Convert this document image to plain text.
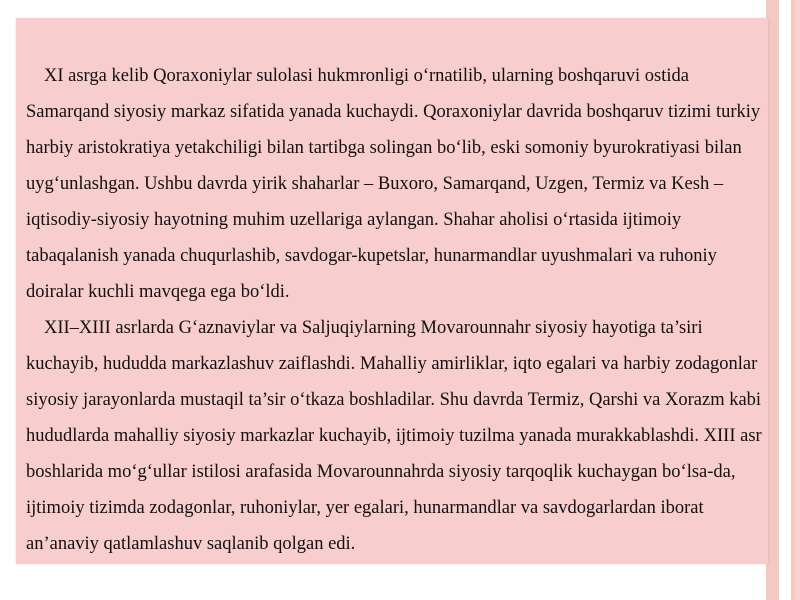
XI asrga kelib Qoraxoniylar sulolasi hukmronligi o‘rnatilib, ularning boshqaruvi ostida Samarqand siyosiy markaz sifatida yanada kuchaydi. Qoraxoniylar davrida boshqaruv tizimi turkiy harbiy aristokratiya yetakchiligi bilan tartibga solingan bo‘lib, eski somoniy byurokratiyasi bilan uyg‘unlashgan. Ushbu davrda yirik shaharlar – Buxoro, Samarqand, Uzgen, Termiz va Kesh – iqtisodiy-siyosiy hayotning muhim uzellariga aylangan. Shahar aholisi o‘rtasida ijtimoiy tabaqalanish yanada chuqurlashib, savdogar-kupetslar, hunarmandlar uyushmalari va ruhoniy doiralar kuchli mavqega ega bo‘ldi.

XII–XIII asrlarda G‘aznaviylar va Saljuqiylarning Movarounnahr siyosiy hayotiga ta’siri kuchayib, hududda markazlashuv zaiflashdi. Mahalliy amirliklar, iqto egalari va harbiy zodagonlar siyosiy jarayonlarda mustaqil ta’sir o‘tkaza boshladilar. Shu davrda Termiz, Qarshi va Xorazm kabi hududlarda mahalliy siyosiy markazlar kuchayib, ijtimoiy tuzilma yanada murakkablashdi. XIII asr boshlarida mo‘g‘ullar istilosi arafasida Movarounnahrda siyosiy tarqoqlik kuchaygan bo‘lsa-da, ijtimoiy tizimda zodagonlar, ruhoniylar, yer egalari, hunarmandlar va savdogarlardan iborat an’anaviy qatlamlashuv saqlanib qolgan edi.
